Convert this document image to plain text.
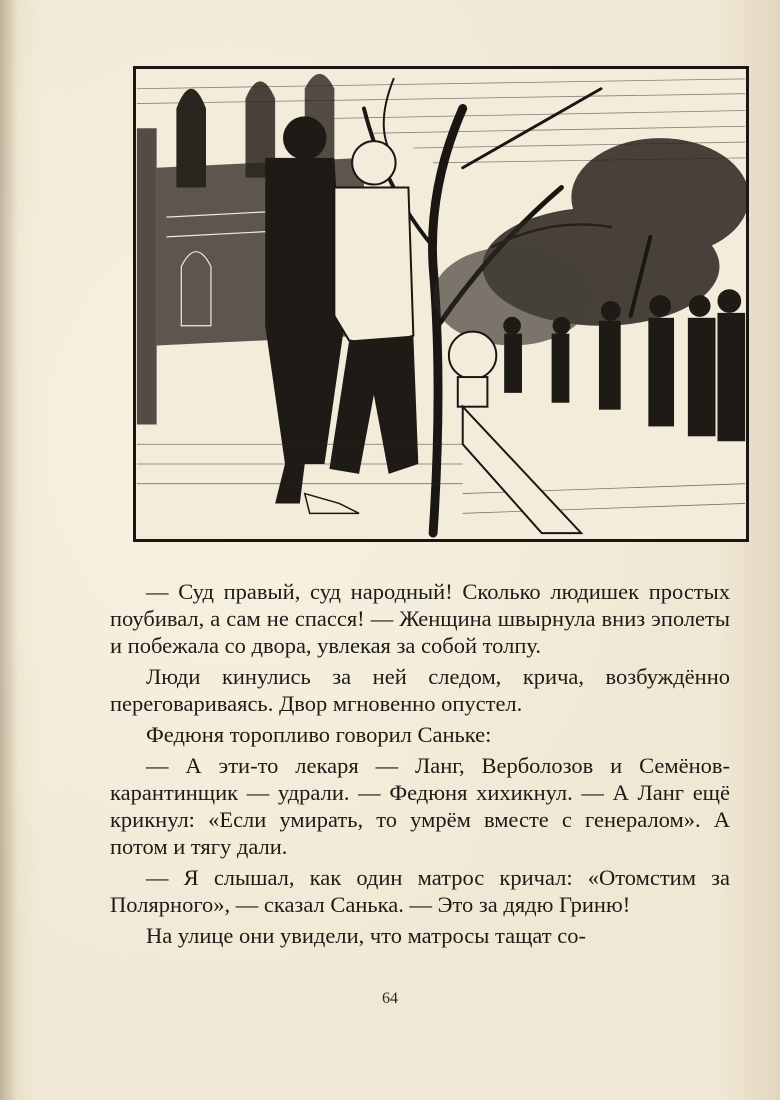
— Суд правый, суд народный! Сколько людишек простых поубивал, а сам не спасся! — Женщина швырнула вниз эполеты и побежала со двора, увлекая за собой толпу.

Люди кинулись за ней следом, крича, возбуждённо переговариваясь. Двор мгновенно опустел.

Федюня торопливо говорил Саньке:

— А эти-то лекаря — Ланг, Верболозов и Семёнов-карантинщик — удрали. — Федюня хихикнул. — А Ланг ещё крикнул: «Если умирать, то умрём вместе с генералом». А потом и тягу дали.

— Я слышал, как один матрос кричал: «Отомстим за Полярного», — сказал Санька. — Это за дядю Гриню!

На улице они увидели, что матросы тащат со-

64
